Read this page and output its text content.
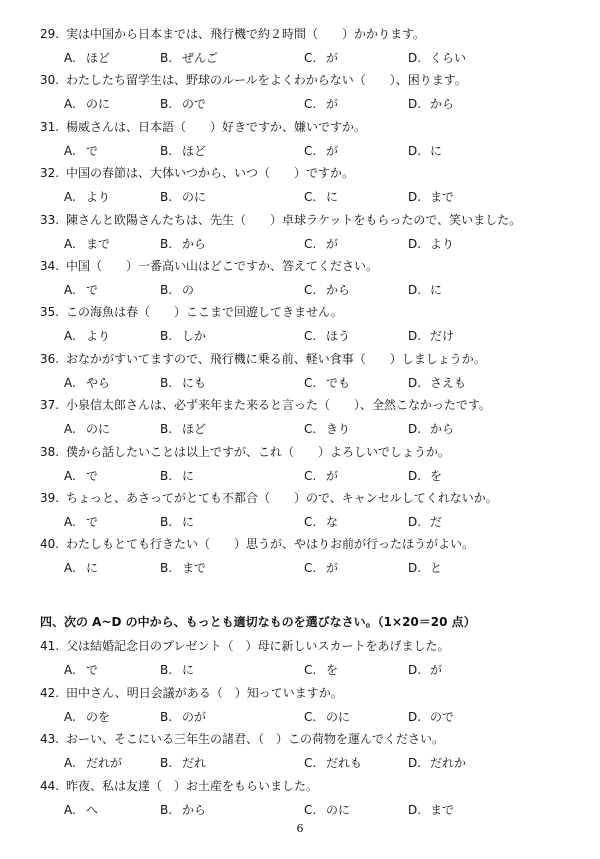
29. 実は中国から日本までは、飛行機で約２時間（　　）かかります。
A. ほど	B. ぜんご	C. が	D. くらい
30. わたしたち留学生は、野球のルールをよくわからない（　　）、困ります。
A. のに	B. ので	C. が	D. から
31. 楊威さんは、日本語（　　）好きですか、嫌いですか。
A. で	B. ほど	C. が	D. に
32. 中国の春節は、大体いつから、いつ（　　）ですか。
A. より	B. のに	C. に	D. まで
33. 陳さんと欧陽さんたちは、先生（　　）卓球ラケットをもらったので、笑いました。
A. まで	B. から	C. が	D. より
34. 中国（　　）一番高い山はどこですか、答えてください。
A. で	B. の	C. から	D. に
35. この海魚は春（　　）ここまで回遊してきません。
A. より	B. しか	C. ほう	D. だけ
36. おなかがすいてますので、飛行機に乗る前、軽い食事（　　）しましょうか。
A. やら	B. にも	C. でも	D. さえも
37. 小泉信太郎さんは、必ず来年また来ると言った（　　）、全然こなかったです。
A. のに	B. ほど	C. きり	D. から
38. 僕から話したいことは以上ですが、これ（　　）よろしいでしょうか。
A. で	B. に	C. が	D. を
39. ちょっと、あさってがとても不都合（　　）ので、キャンセルしてくれないか。
A. で	B. に	C. な	D. だ
40. わたしもとても行きたい（　　）思うが、やはりお前が行ったほうがよい。
A. に	B. まで	C. が	D. と
41. 父は結婚記念日のプレゼント（　）母に新しいスカートをあげました。
A. で	B. に	C. を	D. が
42. 田中さん、明日会議がある（　）知っていますか。
A. のを	B. のが	C. のに	D. ので
43. おーい、そこにいる三年生の諸君、（　）この荷物を運んでください。
A. だれが	B. だれ	C. だれも	D. だれか
44. 昨夜、私は友達（　）お土産をもらいました。
A. へ	B. から	C. のに	D. まで
四、次の A~D の中から、もっとも適切なものを選びなさい。（1×20＝20 点）
6
